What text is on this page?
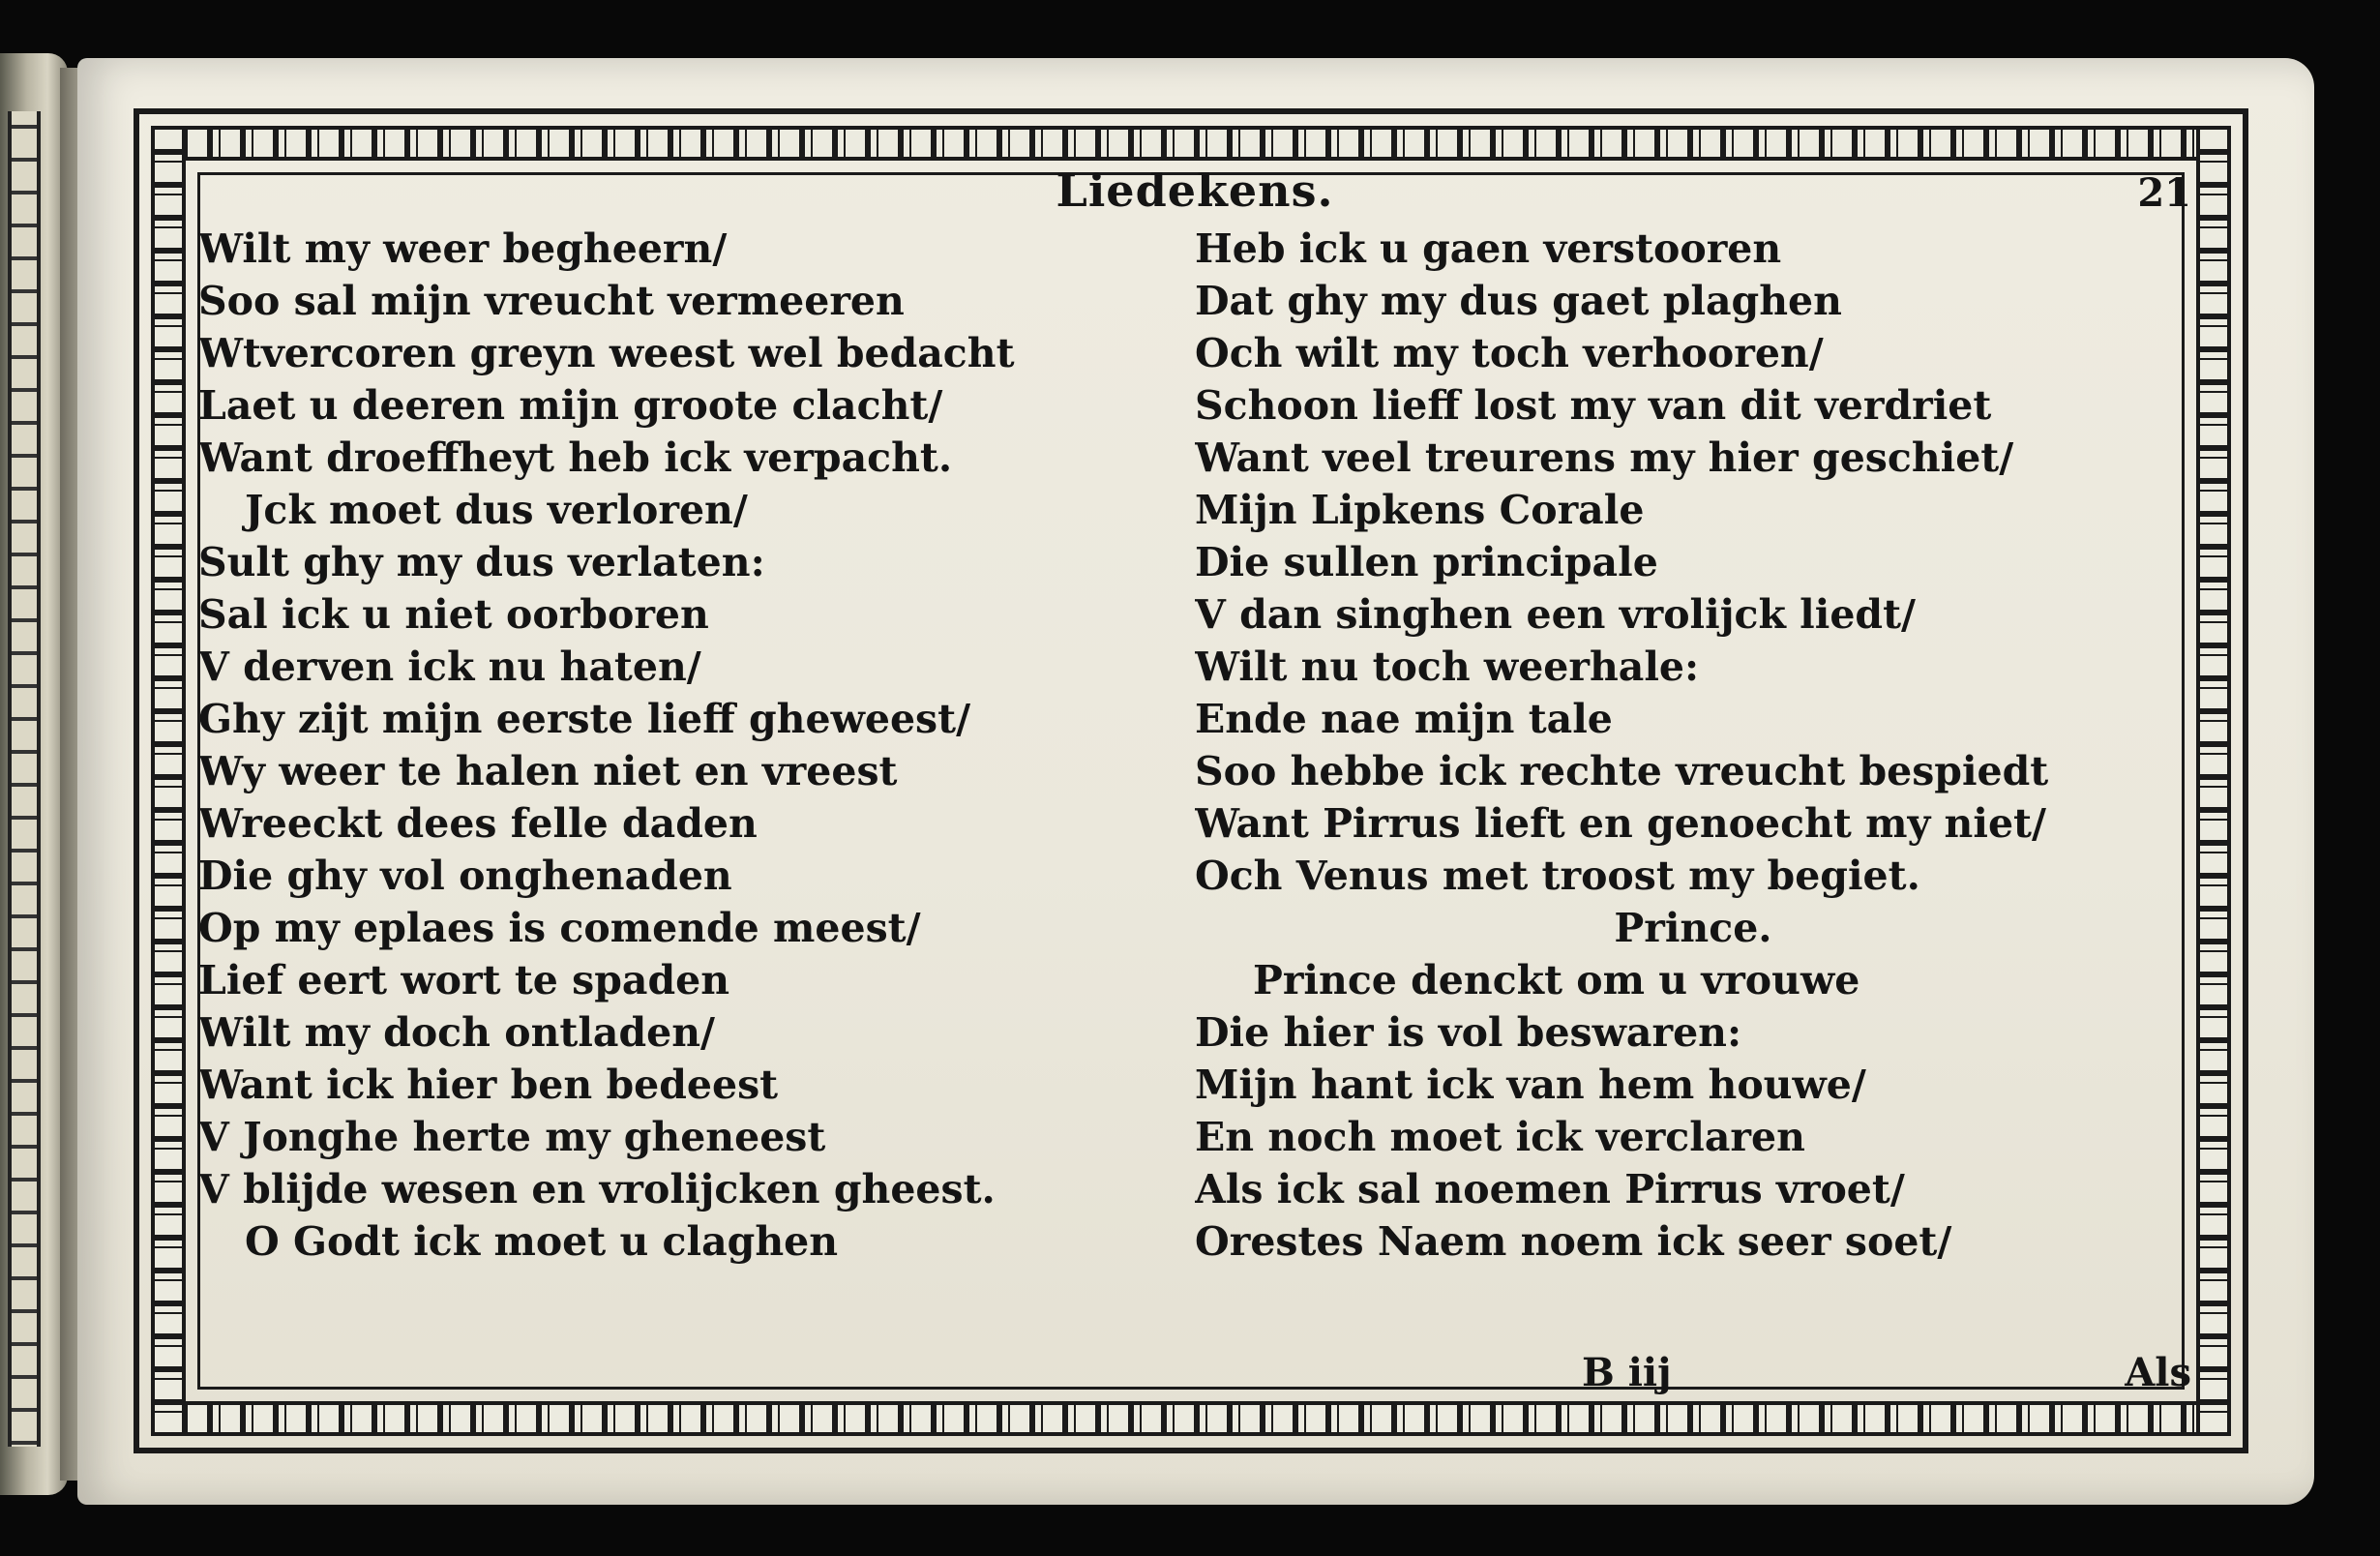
Liedekens.	21
Wilt my weer begheern/
Soo sal mijn vreucht vermeeren
Wtvercoren greyn weest wel bedacht
Laet u deeren mijn groote clacht/
Want droeffheyt heb ick verpacht.
Jck moet dus verloren/
Sult ghy my dus verlaten:
Sal ick u niet oorboren
V derven ick nu haten/
Ghy zijt mijn eerste lieff gheweest/
Wy weer te halen niet en vreest
Wreeckt dees felle daden
Die ghy vol onghenaden
Op my eplaes is comende meest/
Lief eert wort te spaden
Wilt my doch ontladen/
Want ick hier ben bedeest
V Jonghe herte my gheneest
V blijde wesen en vrolijcken gheest.
O Godt ick moet u claghen
Heb ick u gaen verstooren
Dat ghy my dus gaet plaghen
Och wilt my toch verhooren/
Schoon lieff lost my van dit verdriet
Want veel treurens my hier geschiet/
Mijn Lipkens Corale
Die sullen principale
V dan singhen een vrolijck liedt/
Wilt nu toch weerhale:
Ende nae mijn tale
Soo hebbe ick rechte vreucht bespiedt
Want Pirrus lieft en genoecht my niet/
Och Venus met troost my begiet.
Prince.
Prince denckt om u vrouwe
Die hier is vol beswaren:
Mijn hant ick van hem houwe/
En noch moet ick verclaren
Als ick sal noemen Pirrus vroet/
Orestes Naem noem ick seer soet/
B iij	Als
